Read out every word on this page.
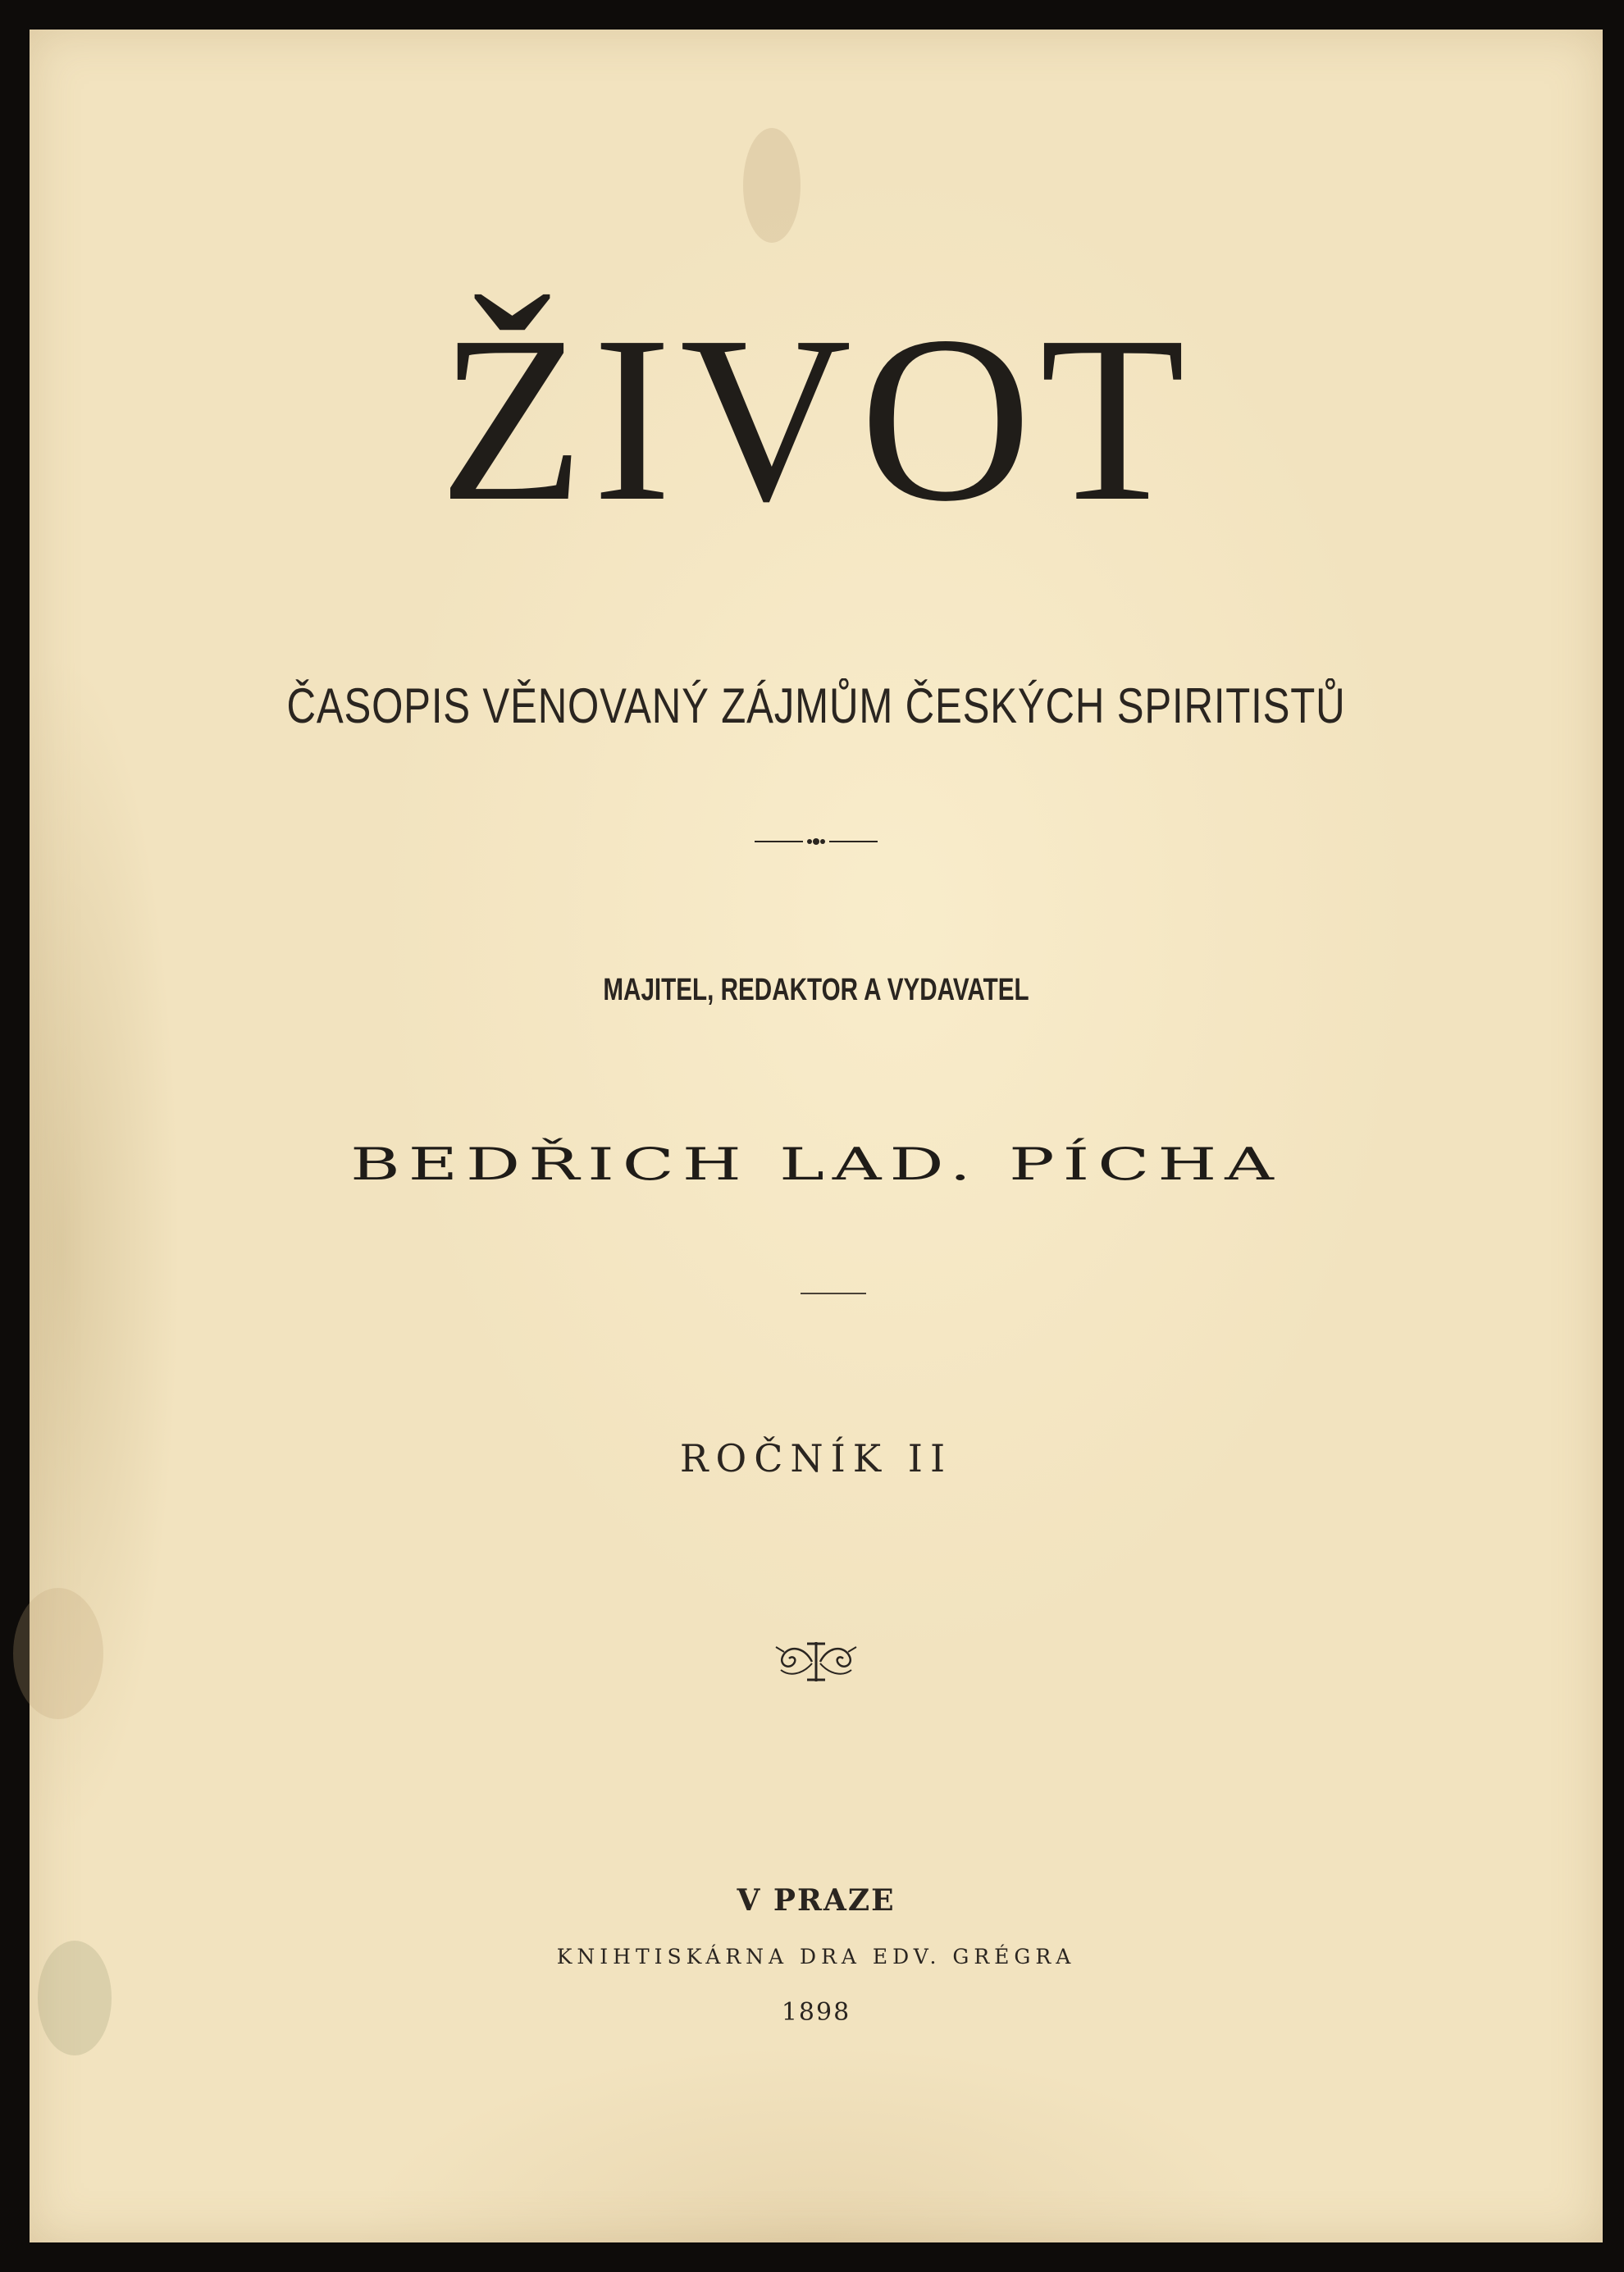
ŽIVOT
ČASOPIS VĚNOVANÝ ZÁJMŮM ČESKÝCH SPIRITISTŮ
MAJITEL, REDAKTOR A VYDAVATEL
BEDŘICH LAD. PÍCHA
ROČNÍK II
V PRAZE
KNIHTISKÁRNA DRA EDV. GRÉGRA
1898
